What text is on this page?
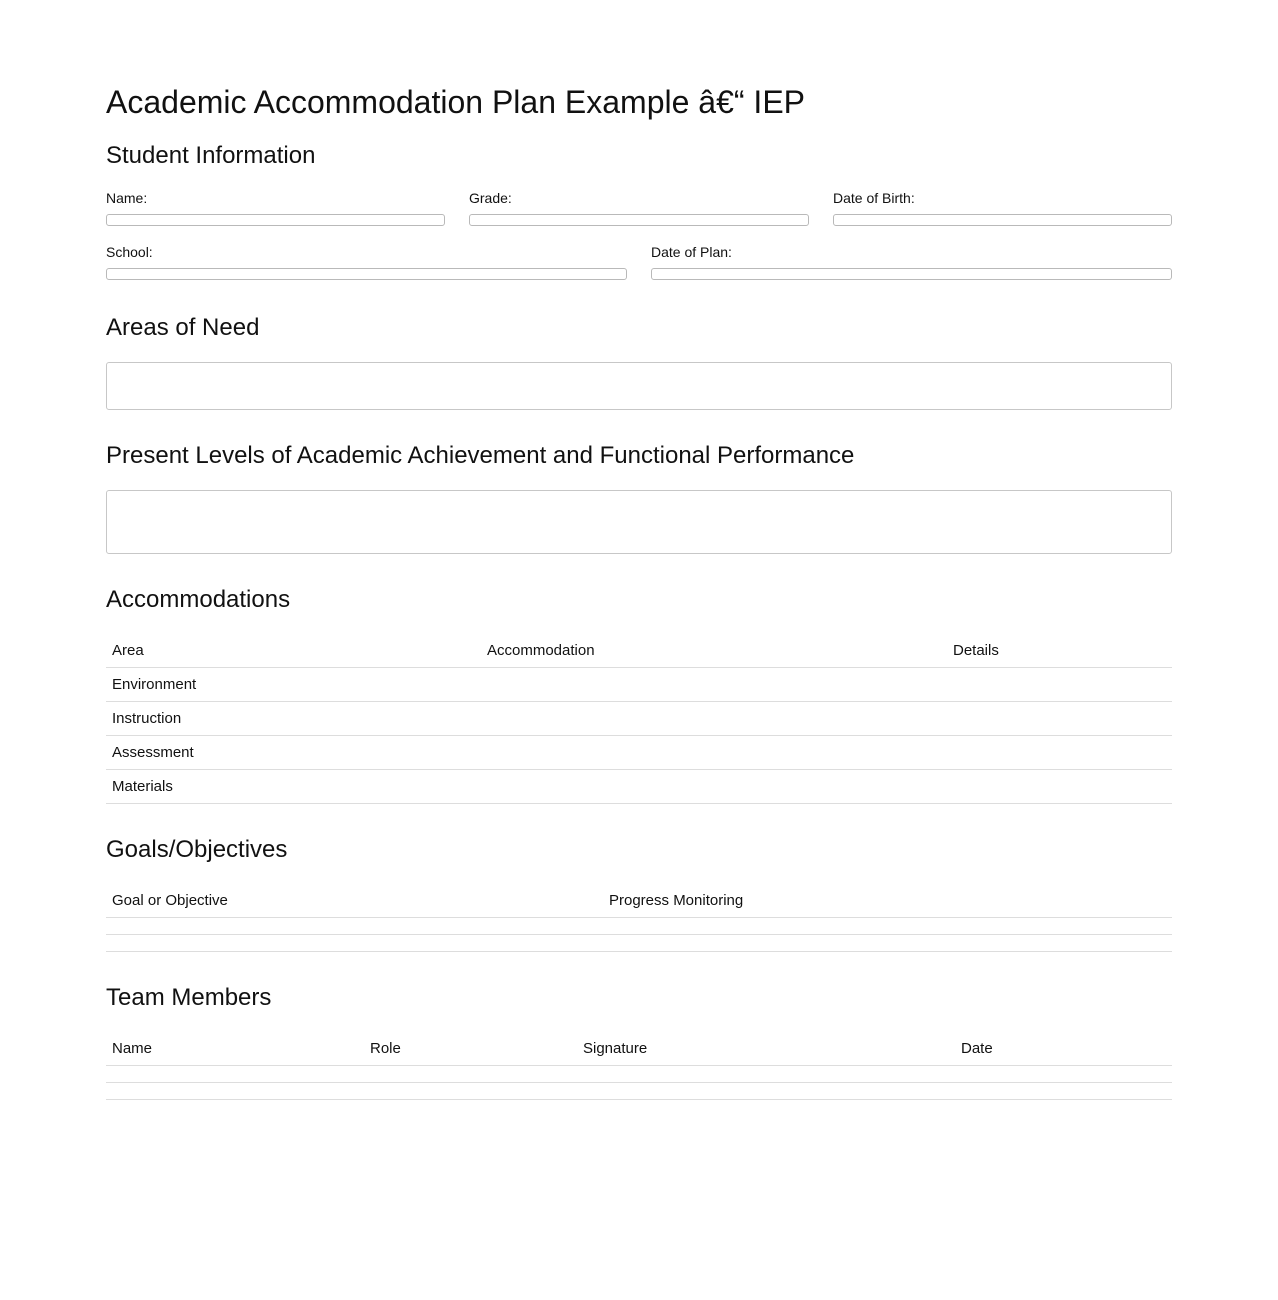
Academic Accommodation Plan Example â€“ IEP
Student Information
Name:	Grade:	Date of Birth:
School:	Date of Plan:
Areas of Need
Present Levels of Academic Achievement and Functional Performance
Accommodations
Area	Accommodation	Details
Environment		
Instruction		
Assessment		
Materials		
Goals/Objectives
Goal or Objective	Progress Monitoring

Team Members
Name	Role	Signature	Date
